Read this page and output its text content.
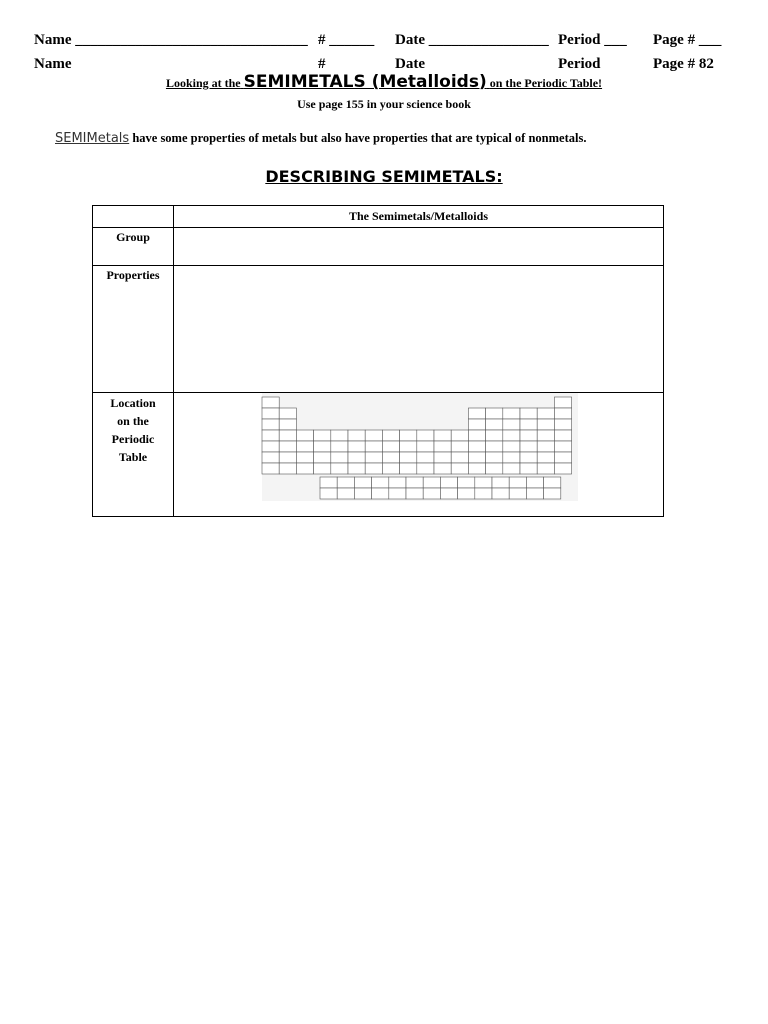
Name _______________________________ # ______ Date ________________ Period ___ Page # ___
Name	#	Date	Period	Page # 82
Looking at the SEMIMETALS (Metalloids) on the Periodic Table!
Use page 155 in your science book
SEMIMetals have some properties of metals but also have properties that are typical of nonmetals.
DESCRIBING SEMIMETALS:
	The Semimetals/Metalloids
Group	
Properties	

Location
on the
Periodic
Table
